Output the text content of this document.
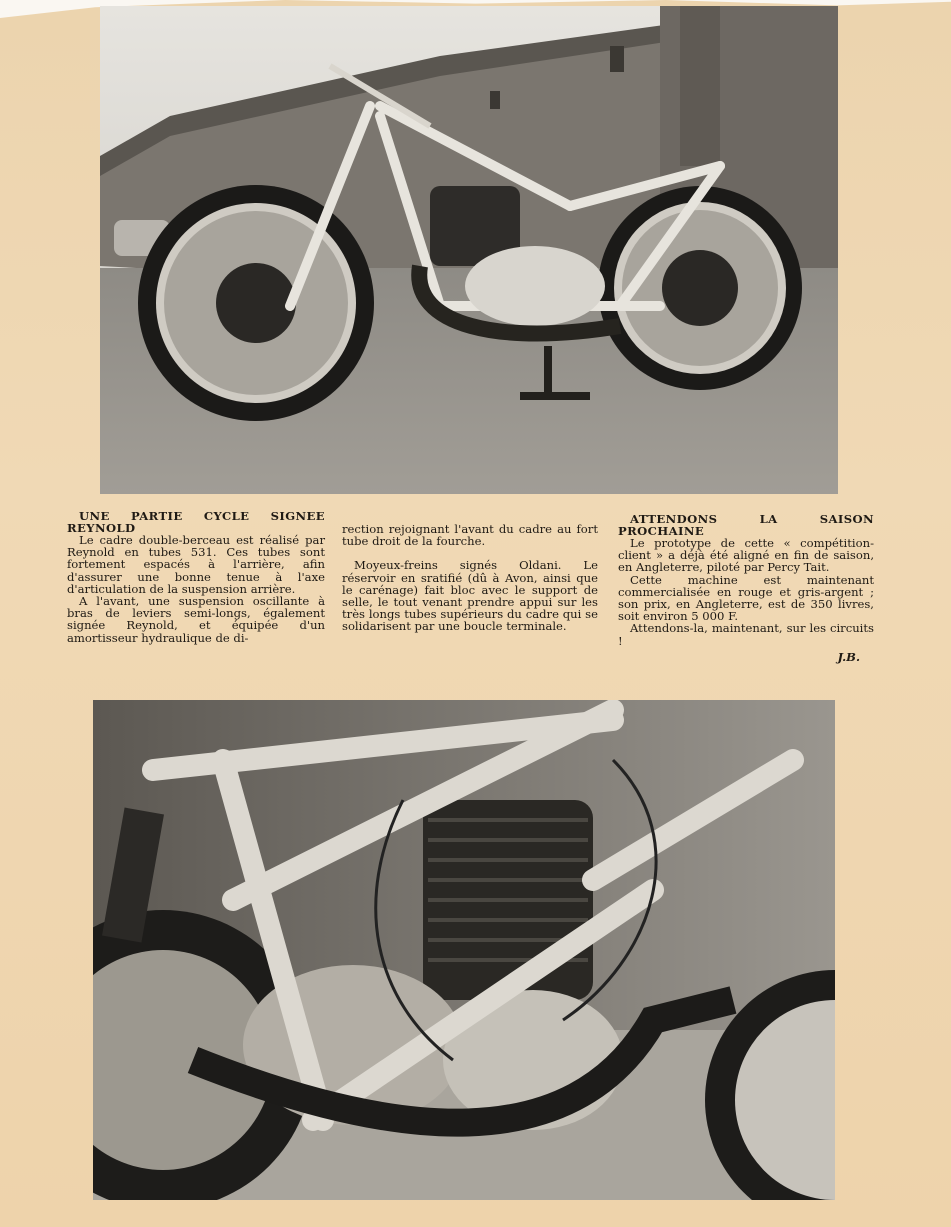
UNE PARTIE CYCLE SIGNEE REYNOLD

Le cadre double-berceau est réalisé par Reynold en tubes 531. Ces tubes sont fortement espacés à l'arrière, afin d'assurer une bonne tenue à l'axe d'articulation de la suspension arrière.

A l'avant, une suspension oscillante à bras de leviers semi-longs, également signée Reynold, et équipée d'un amortisseur hydraulique de di-

rection rejoignant l'avant du cadre au fort tube droit de la fourche.

Moyeux-freins signés Oldani. Le réservoir en sratifié (dû à Avon, ainsi que le carénage) fait bloc avec le support de selle, le tout venant prendre appui sur les très longs tubes supérieurs du cadre qui se solidarisent par une boucle terminale.

ATTENDONS LA SAISON PROCHAINE

Le prototype de cette « compétition-client » a déjà été aligné en fin de saison, en Angleterre, piloté par Percy Tait.

Cette machine est maintenant commercialisée en rouge et gris-argent ; son prix, en Angleterre, est de 350 livres, soit environ 5 000 F.

Attendons-la, maintenant, sur les circuits !

J.B.
